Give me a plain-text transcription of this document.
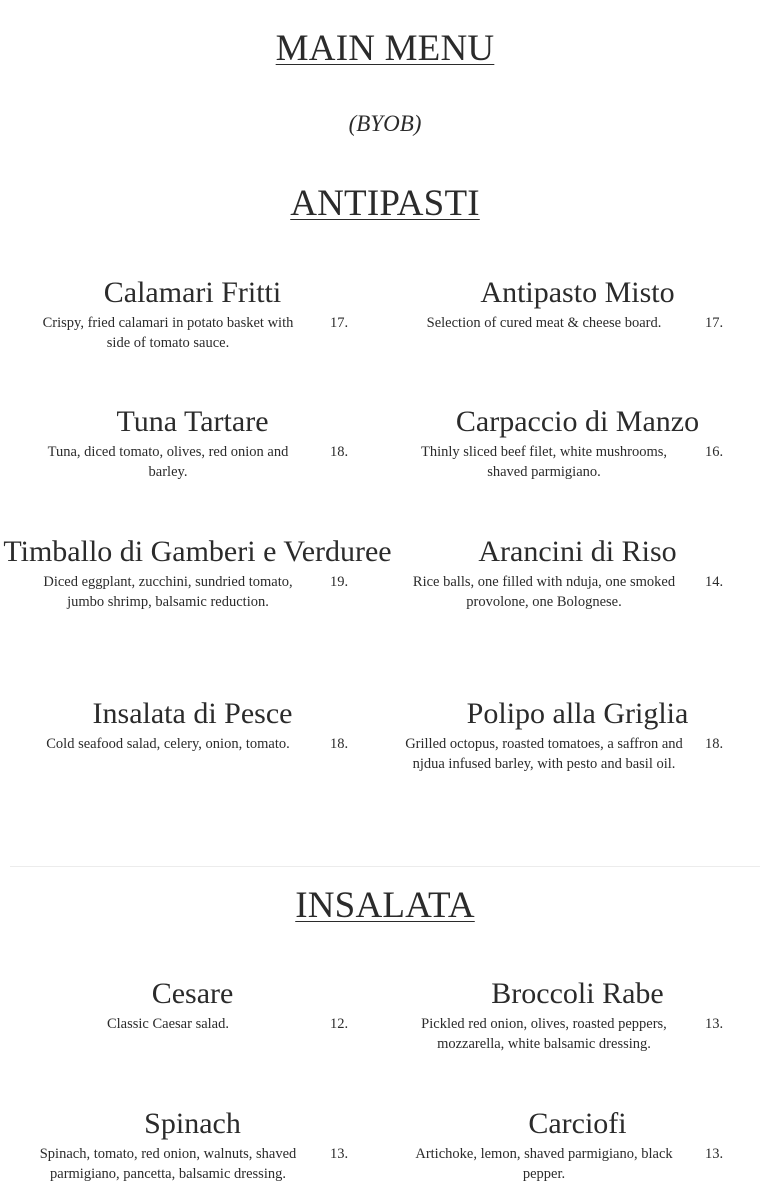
MAIN MENU
(BYOB)
ANTIPASTI
Calamari Fritti
Crispy, fried calamari in potato basket with side of tomato sauce.
17.
Antipasto Misto
Selection of cured meat & cheese board.	17.
Tuna Tartare
Tuna, diced tomato, olives, red onion and barley.
18.
Carpaccio di Manzo
Thinly sliced beef filet, white mushrooms, shaved parmigiano.
16.
Timballo di Gamberi e Verduree
Diced eggplant, zucchini, sundried tomato, jumbo shrimp, balsamic reduction.
19.
Arancini di Riso
Rice balls, one filled with nduja, one smoked provolone, one Bolognese.
14.
Insalata di Pesce
Cold seafood salad, celery, onion, tomato.	18.
Polipo alla Griglia
Grilled octopus, roasted tomatoes, a saffron and njdua infused barley, with pesto and basil oil.
18.
INSALATA
Cesare
Classic Caesar salad.	12.
Broccoli Rabe
Pickled red onion, olives, roasted peppers, mozzarella, white balsamic dressing.
13.
Spinach
Spinach, tomato, red onion, walnuts, shaved parmigiano, pancetta, balsamic dressing.
13.
Carciofi
Artichoke, lemon, shaved parmigiano, black pepper.
13.
